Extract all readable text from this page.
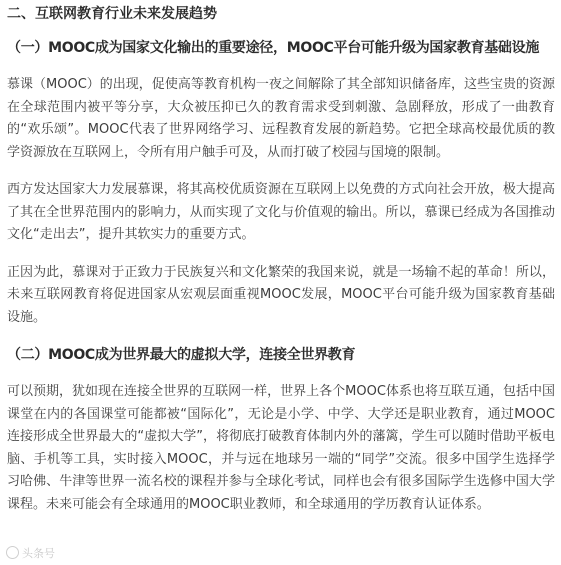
二、互联网教育行业未来发展趋势
（一）MOOC成为国家文化输出的重要途径，MOOC平台可能升级为国家教育基础设施

慕课（MOOC）的出现，促使高等教育机构一夜之间解除了其全部知识储备库，这些宝贵的资源在全球范围内被平等分享，大众被压抑已久的教育需求受到刺激、急剧释放，形成了一曲教育的“欢乐颂”。MOOC代表了世界网络学习、远程教育发展的新趋势。它把全球高校最优质的教学资源放在互联网上，令所有用户触手可及，从而打破了校园与国境的限制。

西方发达国家大力发展慕课，将其高校优质资源在互联网上以免费的方式向社会开放，极大提高了其在全世界范围内的影响力，从而实现了文化与价值观的输出。所以，慕课已经成为各国推动文化“走出去”，提升其软实力的重要方式。

正因为此，慕课对于正致力于民族复兴和文化繁荣的我国来说，就是一场输不起的革命！所以，未来互联网教育将促进国家从宏观层面重视MOOC发展，MOOC平台可能升级为国家教育基础设施。

（二）MOOC成为世界最大的虚拟大学，连接全世界教育

可以预期，犹如现在连接全世界的互联网一样，世界上各个MOOC体系也将互联互通，包括中国课堂在内的各国课堂可能都被“国际化”，无论是小学、中学、大学还是职业教育，通过MOOC连接形成全世界最大的“虚拟大学”，将彻底打破教育体制内外的藩篱，学生可以随时借助平板电脑、手机等工具，实时接入MOOC，并与远在地球另一端的“同学”交流。很多中国学生选择学习哈佛、牛津等世界一流名校的课程并参与全球化考试，同样也会有很多国际学生选修中国大学课程。未来可能会有全球通用的MOOC职业教师，和全球通用的学历教育认证体系。

头条号
